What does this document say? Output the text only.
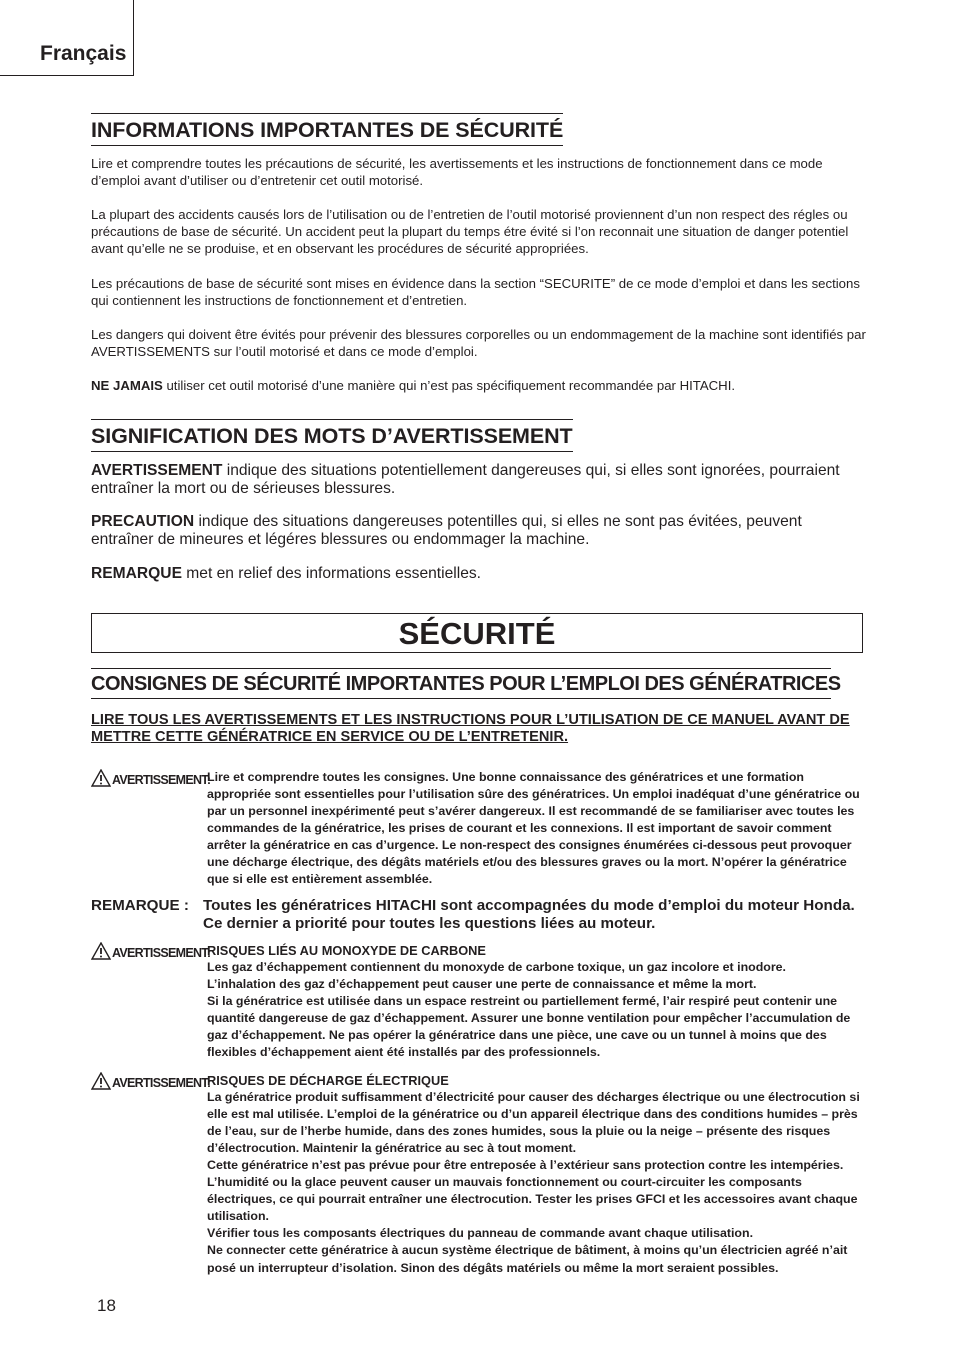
Français
INFORMATIONS IMPORTANTES DE SÉCURITÉ

Lire et comprendre toutes les précautions de sécurité, les avertissements et les instructions de fonctionnement dans ce mode d’emploi avant d’utiliser ou d’entretenir cet outil motorisé.

La plupart des accidents causés lors de l’utilisation ou de l’entretien de l’outil motorisé proviennent d’un non respect des régles ou précautions de base de sécurité. Un accident peut la plupart du temps étre évité si l’on reconnait une situation de danger potentiel avant qu’elle ne se produise, et en observant les procédures de sécurité appropriées.

Les précautions de base de sécurité sont mises en évidence dans la section “SECURITE” de ce mode d’emploi et dans les sections qui contiennent les instructions de fonctionnement et d’entretien.

Les dangers qui doivent être évités pour prévenir des blessures corporelles ou un endommagement de la machine sont identifiés par AVERTISSEMENTS sur l’outil motorisé et dans ce mode d’emploi.

NE JAMAIS utiliser cet outil motorisé d’une manière qui n’est pas spécifiquement recommandée par HITACHI.

SIGNIFICATION DES MOTS D’AVERTISSEMENT

AVERTISSEMENT indique des situations potentiellement dangereuses qui, si elles sont ignorées, pourraient entraîner la mort ou de sérieuses blessures.

PRECAUTION indique des situations dangereuses potentilles qui, si elles ne sont pas évitées, peuvent entraîner de mineures et légéres blessures ou endommager la machine.

REMARQUE met en relief des informations essentielles.

SÉCURITÉ
CONSIGNES DE SÉCURITÉ IMPORTANTES POUR L’EMPLOI DES GÉNÉRATRICES

LIRE TOUS LES AVERTISSEMENTS ET LES INSTRUCTIONS POUR L’UTILISATION DE CE MANUEL AVANT DE METTRE CETTE GÉNÉRATRICE EN SERVICE OU DE L’ENTRETENIR.

AVERTISSEMENT:
Lire et comprendre toutes les consignes. Une bonne connaissance des génératrices et une formation appropriée sont essentielles pour l’utilisation sûre des génératrices. Un emploi inadéquat d’une génératrice ou par un personnel inexpérimenté peut s’avérer dangereux. Il est recommandé de se familiariser avec toutes les commandes de la génératrice, les prises de courant et les connexions. Il est important de savoir comment arrêter la génératrice en cas d’urgence. Le non-respect des consignes énumérées ci-dessous peut provoquer une décharge électrique, des dégâts matériels et/ou des blessures graves ou la mort. N’opérer la génératrice que si elle est entièrement assemblée.
REMARQUE : Toutes les génératrices HITACHI sont accompagnées du mode d’emploi du moteur Honda. Ce dernier a priorité pour toutes les questions liées au moteur.
AVERTISSEMENT:
RISQUES LIÉS AU MONOXYDE DE CARBONE
Les gaz d’échappement contiennent du monoxyde de carbone toxique, un gaz incolore et inodore.
L’inhalation des gaz d’échappement peut causer une perte de connaissance et même la mort.
Si la génératrice est utilisée dans un espace restreint ou partiellement fermé, l’air respiré peut contenir une quantité dangereuse de gaz d’échappement. Assurer une bonne ventilation pour empêcher l’accumulation de gaz d’échappement. Ne pas opérer la génératrice dans une pièce, une cave ou un tunnel à moins que des flexibles d’échappement aient été installés par des professionnels.
AVERTISSEMENT:
RISQUES DE DÉCHARGE ÉLECTRIQUE
La génératrice produit suffisamment d’électricité pour causer des décharges électrique ou une électrocution si elle est mal utilisée. L’emploi de la génératrice ou d’un appareil électrique dans des conditions humides – près de l’eau, sur de l’herbe humide, dans des zones humides, sous la pluie ou la neige – présente des risques d’électrocution. Maintenir la génératrice au sec à tout moment.
Cette génératrice n’est pas prévue pour être entreposée à l’extérieur sans protection contre les intempéries. L’humidité ou la glace peuvent causer un mauvais fonctionnement ou court-circuiter les composants électriques, ce qui pourrait entraîner une électrocution. Tester les prises GFCI et les accessoires avant chaque utilisation.
Vérifier tous les composants électriques du panneau de commande avant chaque utilisation.
Ne connecter cette génératrice à aucun système électrique de bâtiment, à moins qu’un électricien agréé n’ait posé un interrupteur d’isolation. Sinon des dégâts matériels ou même la mort seraient possibles.
18
